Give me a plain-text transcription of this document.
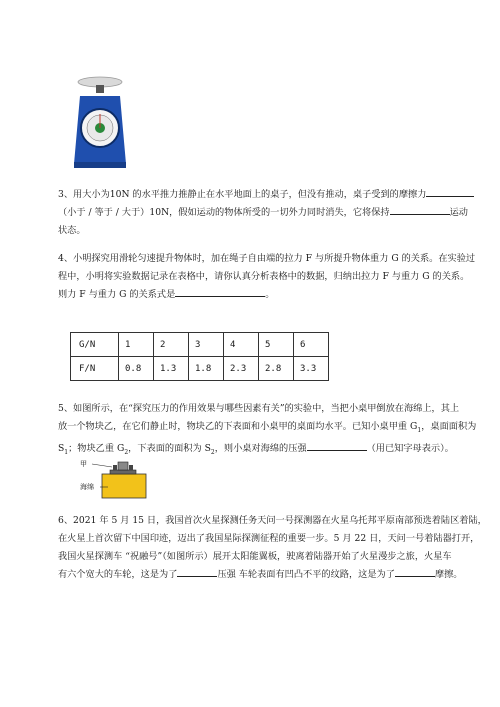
3、用大小为10N 的水平推力推静止在水平地面上的桌子，但没有推动，桌子受到的摩擦力
（小于 / 等于 / 大于）10N，假如运动的物体所受的一切外力同时消失，它将保持	运动
状态。
4、小明探究用滑轮匀速提升物体时，加在绳子自由端的拉力 F 与所提升物体重力 G 的关系。在实验过
程中，小明将实验数据记录在表格中，请你认真分析表格中的数据，归纳出拉力 F 与重力 G 的关系。
则力 F 与重力 G 的关系式是	。
G/N	1	2	3	4	5	6
F/N	0.8	1.3	1.8	2.3	2.8	3.3
5、如图所示，在“探究压力的作用效果与哪些因素有关”的实验中，当把小桌甲倒放在海绵上，其上
放一个物块乙，在它们静止时，物块乙的下表面和小桌甲的桌面均水平。已知小桌甲重 $G_1$，桌面面积为
$S_1$；物块乙重 $G_2$，下表面的面积为 $S_2$，则小桌对海绵的压强	（用已知字母表示）。
甲
海绵
6、2021 年 5 月 15 日，我国首次火星探测任务天问一号探测器在火星乌托邦平原南部预选着陆区着陆，
在火星上首次留下中国印迹，迈出了我国星际探测征程的重要一步。5 月 22 日，天问一号着陆器打开，
我国火星探测车 “祝融号”（如图所示）展开太阳能翼板，驶离着陆器开始了火星漫步之旅，火星车
有六个宽大的车轮，这是为了	压强 车轮表面有凹凸不平的纹路，这是为了	摩擦。
